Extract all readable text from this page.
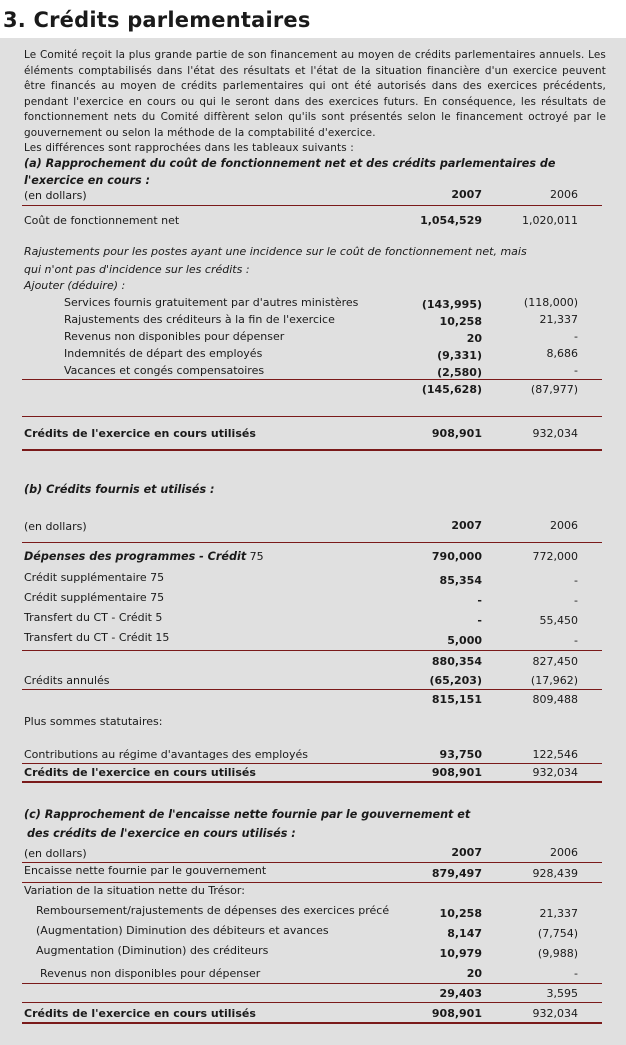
3. Crédits parlementaires
Le Comité reçoit la plus grande partie de son financement au moyen de crédits parlementaires annuels. Les éléments comptabilisés dans l'état des résultats et l'état de la situation financière d'un exercice peuvent être financés au moyen de crédits parlementaires qui ont été autorisés dans des exercices précédents, pendant l'exercice en cours ou qui le seront dans des exercices futurs. En conséquence, les résultats de fonctionnement nets du Comité diffèrent selon qu'ils sont présentés selon le financement octroyé par le gouvernement ou selon la méthode de la comptabilité d'exercice.
Les différences sont rapprochées dans les tableaux suivants :
(a) Rapprochement du coût de fonctionnement net et des crédits parlementaires de
l'exercice en cours :
(en dollars)	2007	2006
Coût de fonctionnement net	1,054,529	1,020,011
Rajustements pour les postes ayant une incidence sur le coût de fonctionnement net, mais
qui n'ont pas d'incidence sur les crédits :
Ajouter (déduire) :
Services fournis gratuitement par d'autres ministères	(143,995)	(118,000)
Rajustements des créditeurs à la fin de l'exercice	10,258	21,337
Revenus non disponibles pour dépenser	20	-
Indemnités de départ des employés	(9,331)	8,686
Vacances et congés compensatoires	(2,580)	-
(145,628)	(87,977)
Crédits de l'exercice en cours utilisés	908,901	932,034
(b) Crédits fournis et utilisés :
(en dollars)	2007	2006
Dépenses des programmes - Crédit 75	790,000	772,000
Crédit supplémentaire 75	85,354	-
Crédit supplémentaire 75	-	-
Transfert du CT - Crédit 5	-	55,450
Transfert du CT - Crédit 15	5,000	-
880,354	827,450
Crédits annulés	(65,203)	(17,962)
815,151	809,488
Plus sommes statutaires:
Contributions au régime d'avantages des employés	93,750	122,546
Crédits de l'exercice en cours utilisés	908,901	932,034
(c) Rapprochement de l'encaisse nette fournie par le gouvernement et
des crédits de l'exercice en cours utilisés :
(en dollars)	2007	2006
Encaisse nette fournie par le gouvernement	879,497	928,439
Variation de la situation nette du Trésor:
Remboursement/rajustements de dépenses des exercices précé	10,258	21,337
(Augmentation) Diminution des débiteurs et avances	8,147	(7,754)
Augmentation (Diminution) des créditeurs	10,979	(9,988)
Revenus non disponibles pour dépenser	20	-
29,403	3,595
Crédits de l'exercice en cours utilisés	908,901	932,034
